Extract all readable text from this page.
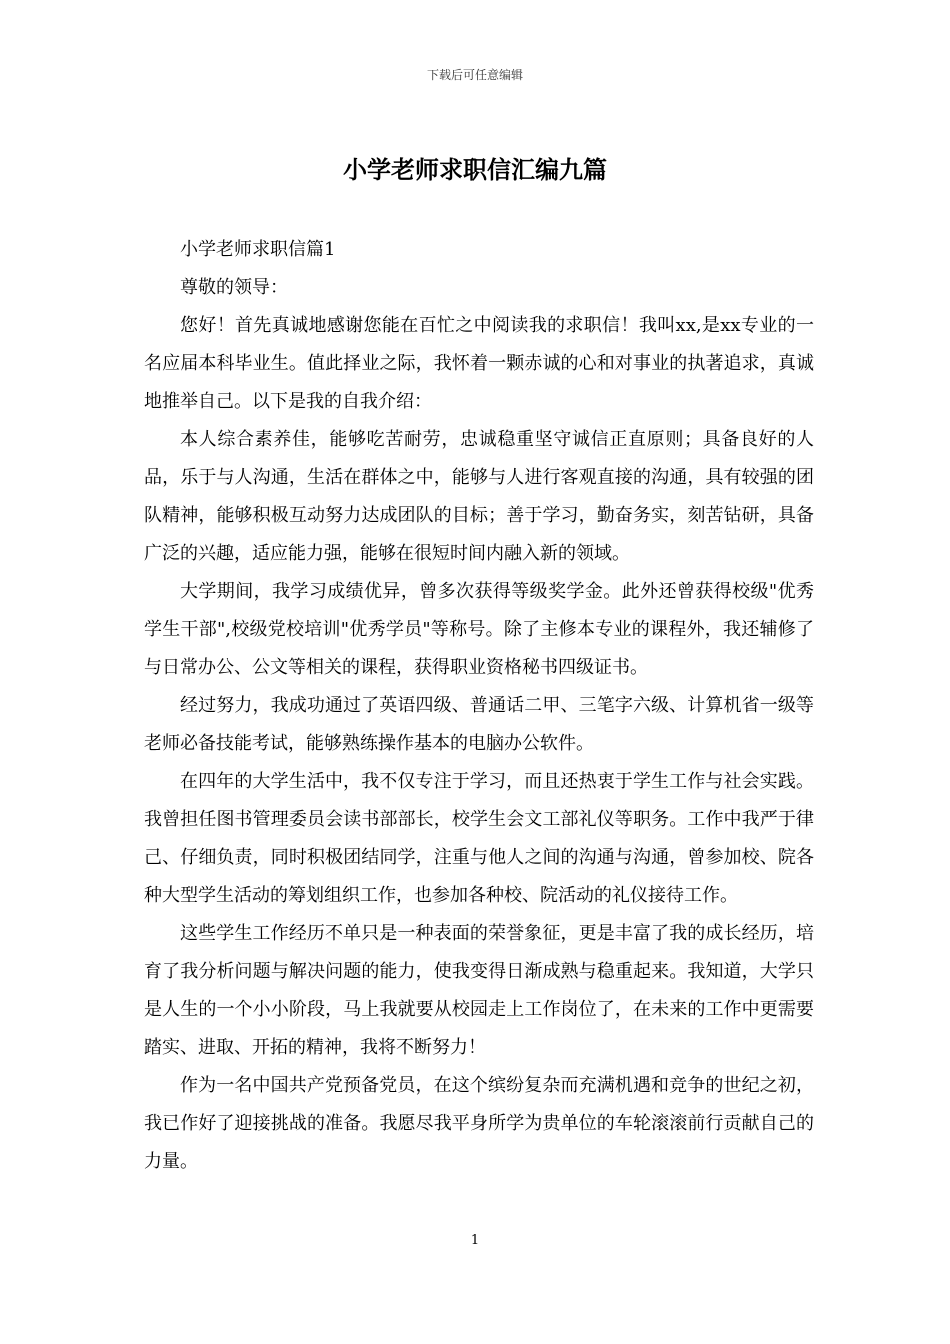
下载后可任意编辑
小学老师求职信汇编九篇

小学老师求职信篇1

尊敬的领导：

您好！首先真诚地感谢您能在百忙之中阅读我的求职信！我叫xx,是xx专业的一名应届本科毕业生。值此择业之际，我怀着一颗赤诚的心和对事业的执著追求，真诚地推举自己。以下是我的自我介绍：

本人综合素养佳，能够吃苦耐劳，忠诚稳重坚守诚信正直原则；具备良好的人品，乐于与人沟通，生活在群体之中，能够与人进行客观直接的沟通，具有较强的团队精神，能够积极互动努力达成团队的目标；善于学习，勤奋务实，刻苦钻研，具备广泛的兴趣，适应能力强，能够在很短时间内融入新的领域。

大学期间，我学习成绩优异，曾多次获得等级奖学金。此外还曾获得校级"优秀学生干部",校级党校培训"优秀学员"等称号。除了主修本专业的课程外，我还辅修了与日常办公、公文等相关的课程，获得职业资格秘书四级证书。

经过努力，我成功通过了英语四级、普通话二甲、三笔字六级、计算机省一级等老师必备技能考试，能够熟练操作基本的电脑办公软件。

在四年的大学生活中，我不仅专注于学习，而且还热衷于学生工作与社会实践。我曾担任图书管理委员会读书部部长，校学生会文工部礼仪等职务。工作中我严于律己、仔细负责，同时积极团结同学，注重与他人之间的沟通与沟通，曾参加校、院各种大型学生活动的筹划组织工作，也参加各种校、院活动的礼仪接待工作。

这些学生工作经历不单只是一种表面的荣誉象征，更是丰富了我的成长经历，培育了我分析问题与解决问题的能力，使我变得日渐成熟与稳重起来。我知道，大学只是人生的一个小小阶段，马上我就要从校园走上工作岗位了，在未来的工作中更需要踏实、进取、开拓的精神，我将不断努力！

作为一名中国共产党预备党员，在这个缤纷复杂而充满机遇和竞争的世纪之初，我已作好了迎接挑战的准备。我愿尽我平身所学为贵单位的车轮滚滚前行贡献自己的力量。

1
